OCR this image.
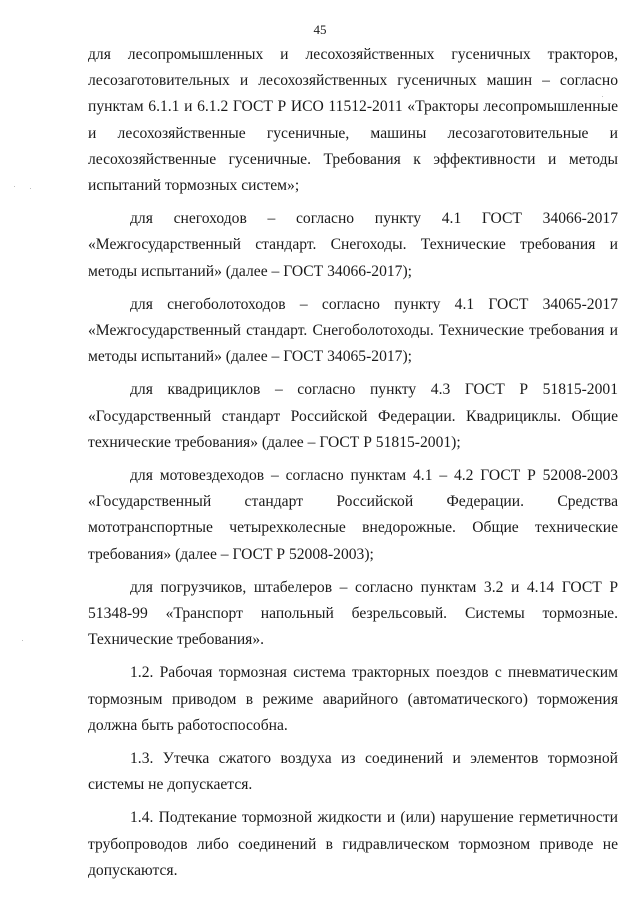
45

для лесопромышленных и лесохозяйственных гусеничных тракторов, лесозаготовительных и лесохозяйственных гусеничных машин – согласно пунктам 6.1.1 и 6.1.2 ГОСТ Р ИСО 11512-2011 «Тракторы лесопромышленные и лесохозяйственные гусеничные, машины лесозаготовительные и лесохозяйственные гусеничные. Требования к эффективности и методы испытаний тормозных систем»;

для снегоходов – согласно пункту 4.1 ГОСТ 34066-2017 «Межгосударственный стандарт. Снегоходы. Технические требования и методы испытаний» (далее – ГОСТ 34066-2017);

для снегоболотоходов – согласно пункту 4.1 ГОСТ 34065-2017 «Межгосударственный стандарт. Снегоболотоходы. Технические требования и методы испытаний» (далее – ГОСТ 34065-2017);

для квадрициклов – согласно пункту 4.3 ГОСТ Р 51815-2001 «Государственный стандарт Российской Федерации. Квадрициклы. Общие технические требования» (далее – ГОСТ Р 51815-2001);

для мотовездеходов – согласно пунктам 4.1 – 4.2 ГОСТ Р 52008-2003 «Государственный стандарт Российской Федерации. Средства мототранспортные четырехколесные внедорожные. Общие технические требования» (далее – ГОСТ Р 52008-2003);

для погрузчиков, штабелеров – согласно пунктам 3.2 и 4.14 ГОСТ Р 51348-99 «Транспорт напольный безрельсовый. Системы тормозные. Технические требования».

1.2. Рабочая тормозная система тракторных поездов с пневматическим тормозным приводом в режиме аварийного (автоматического) торможения должна быть работоспособна.

1.3. Утечка сжатого воздуха из соединений и элементов тормозной системы не допускается.

1.4. Подтекание тормозной жидкости и (или) нарушение герметичности трубопроводов либо соединений в гидравлическом тормозном приводе не допускаются.
